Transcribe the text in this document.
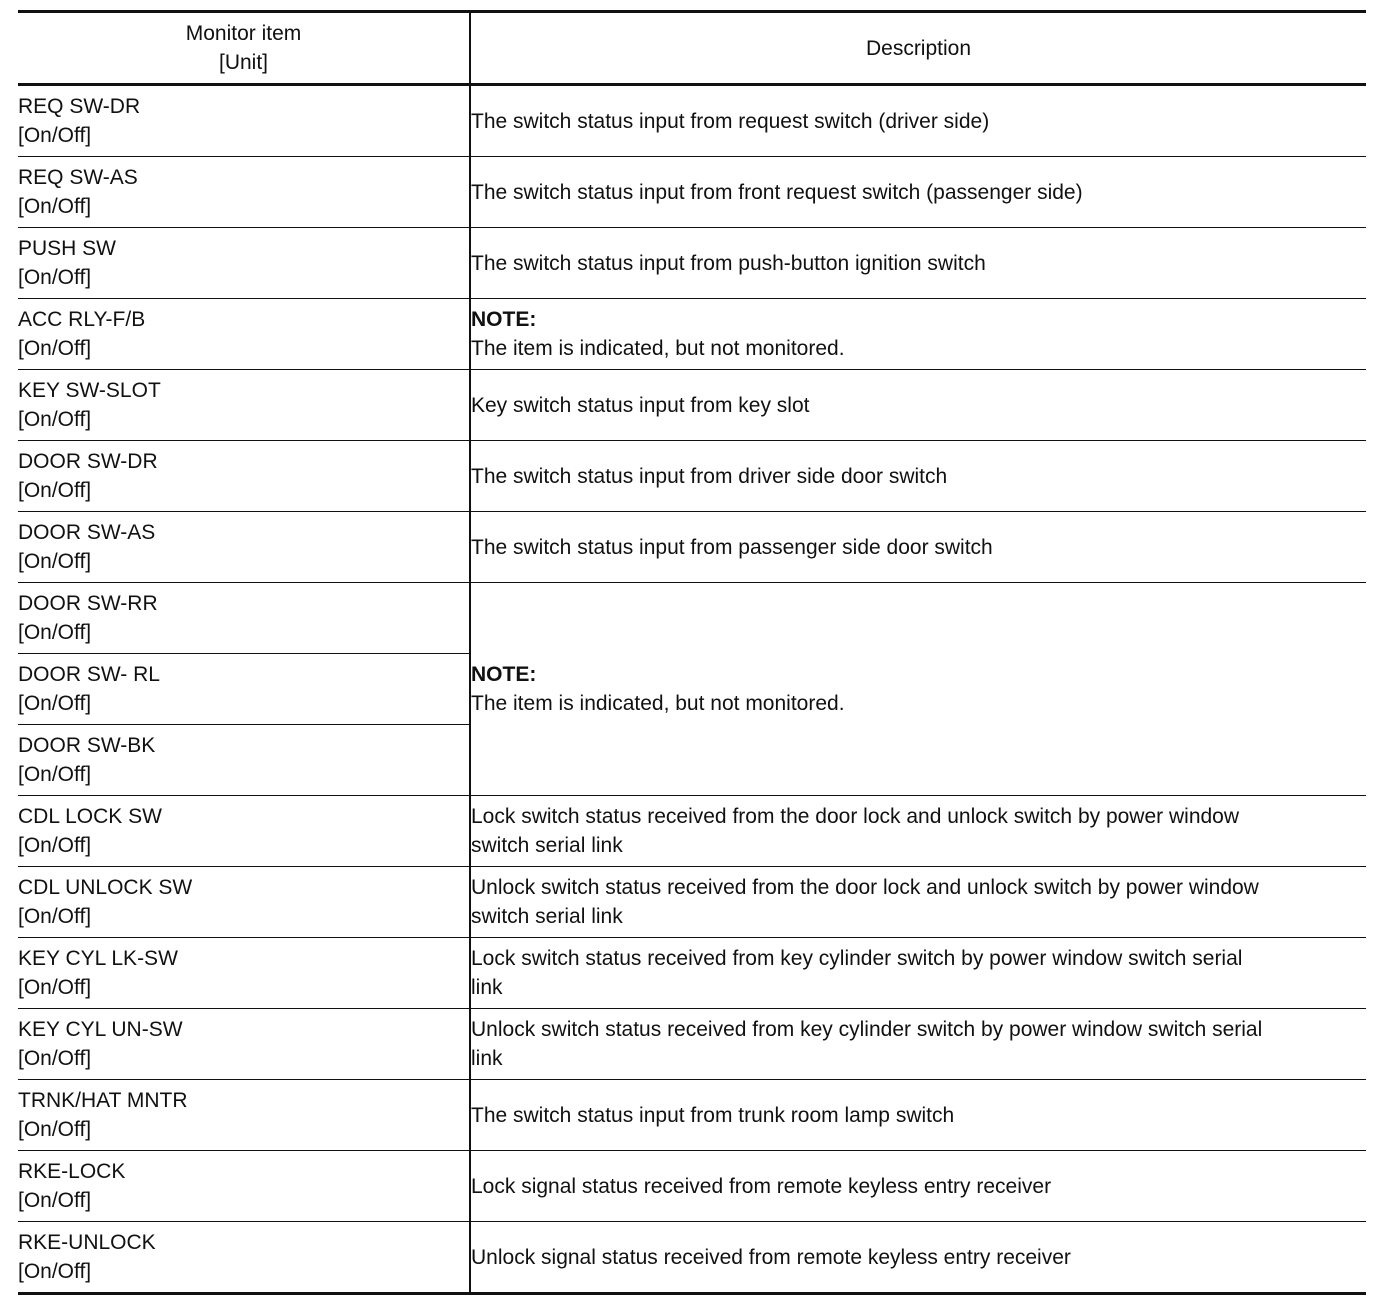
Monitor item
[Unit]	Description

REQ SW-DR
[On/Off]	The switch status input from request switch (driver side)

REQ SW-AS
[On/Off]	The switch status input from front request switch (passenger side)

PUSH SW
[On/Off]	The switch status input from push-button ignition switch

ACC RLY-F/B
[On/Off]	NOTE:
The item is indicated, but not monitored.

KEY SW-SLOT
[On/Off]	Key switch status input from key slot

DOOR SW-DR
[On/Off]	The switch status input from driver side door switch

DOOR SW-AS
[On/Off]	The switch status input from passenger side door switch

DOOR SW-RR
[On/Off]	NOTE:
The item is indicated, but not monitored.

DOOR SW- RL
[On/Off]	

DOOR SW-BK
[On/Off]	

CDL LOCK SW
[On/Off]	Lock switch status received from the door lock and unlock switch by power window
switch serial link

CDL UNLOCK SW
[On/Off]	Unlock switch status received from the door lock and unlock switch by power window
switch serial link

KEY CYL LK-SW
[On/Off]	Lock switch status received from key cylinder switch by power window switch serial
link

KEY CYL UN-SW
[On/Off]	Unlock switch status received from key cylinder switch by power window switch serial
link

TRNK/HAT MNTR
[On/Off]	The switch status input from trunk room lamp switch

RKE-LOCK
[On/Off]	Lock signal status received from remote keyless entry receiver

RKE-UNLOCK
[On/Off]	Unlock signal status received from remote keyless entry receiver
